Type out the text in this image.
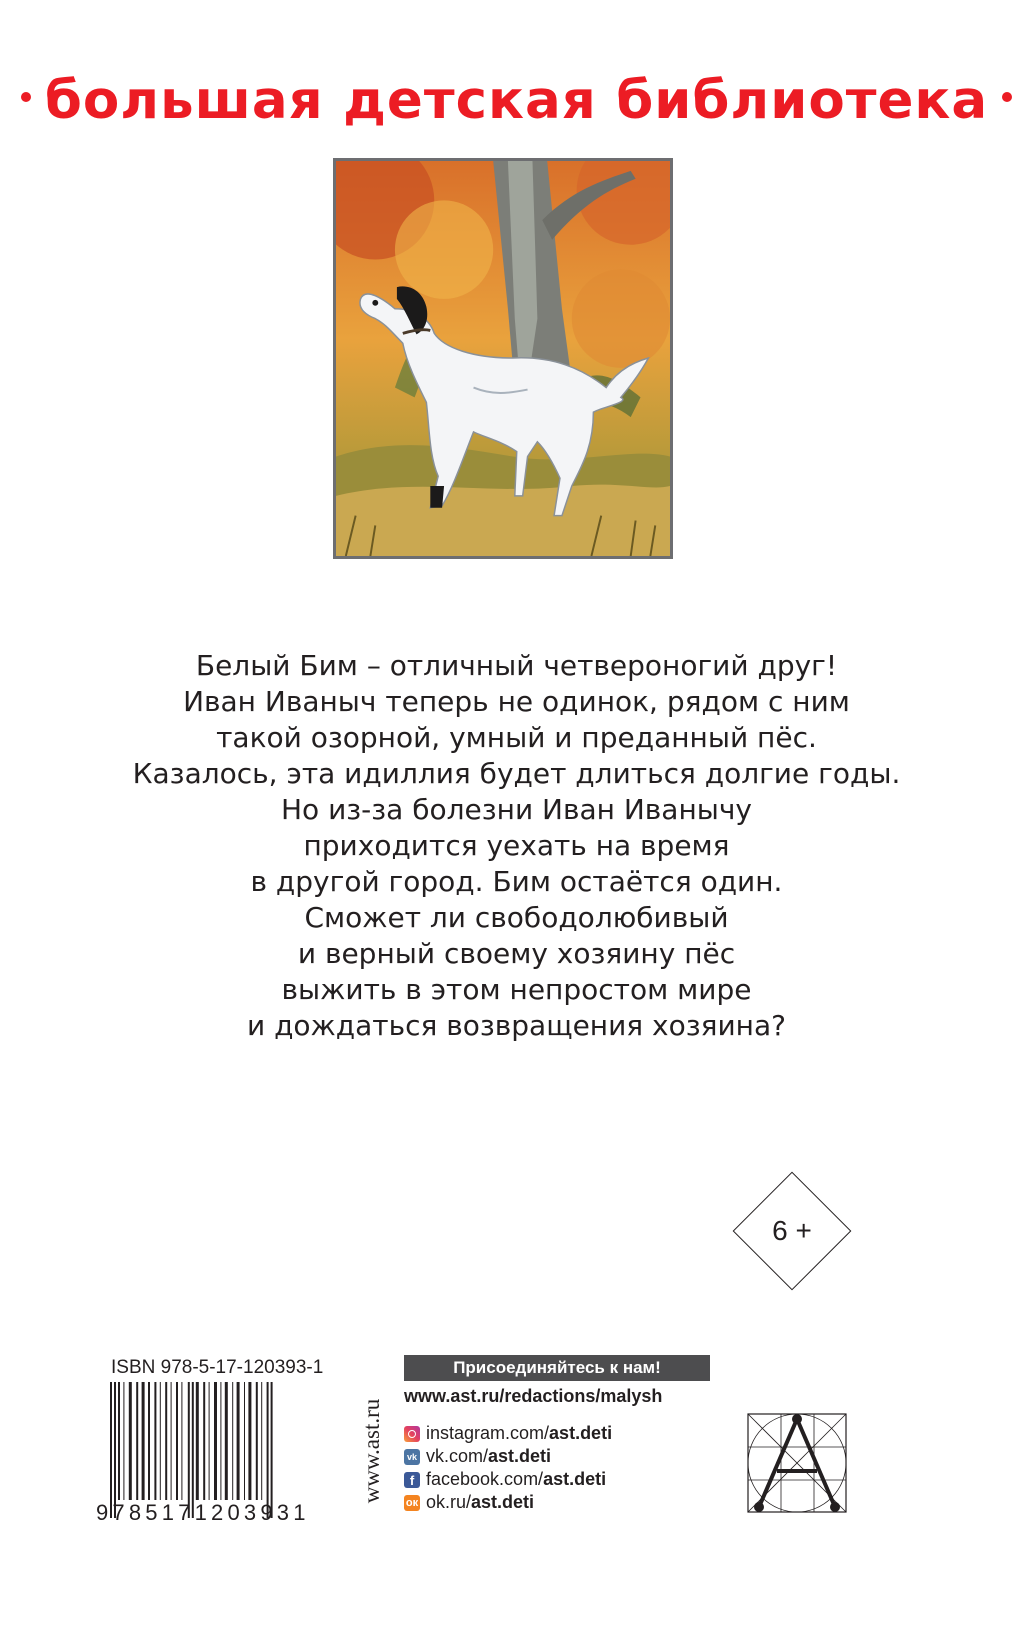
большая детская библиотека
Белый Бим – отличный четвероногий друг!
Иван Иваныч теперь не одинок, рядом с ним
такой озорной, умный и преданный пёс.
Казалось, эта идиллия будет длиться долгие годы.
Но из-за болезни Иван Иванычу
приходится уехать на время
в другой город. Бим остаётся один.
Сможет ли свободолюбивый
и верный своему хозяину пёс
выжить в этом непростом мире
и дождаться возвращения хозяина?
6 +
ISBN 978-5-17-120393-1
9785171203931
www.ast.ru
Присоединяйтесь к нам!
www.ast.ru/redactions/malysh
instagram.com/ ast.deti
vk vk.com/ ast.deti
f facebook.com/ ast.deti
ок ok.ru/ ast.deti
